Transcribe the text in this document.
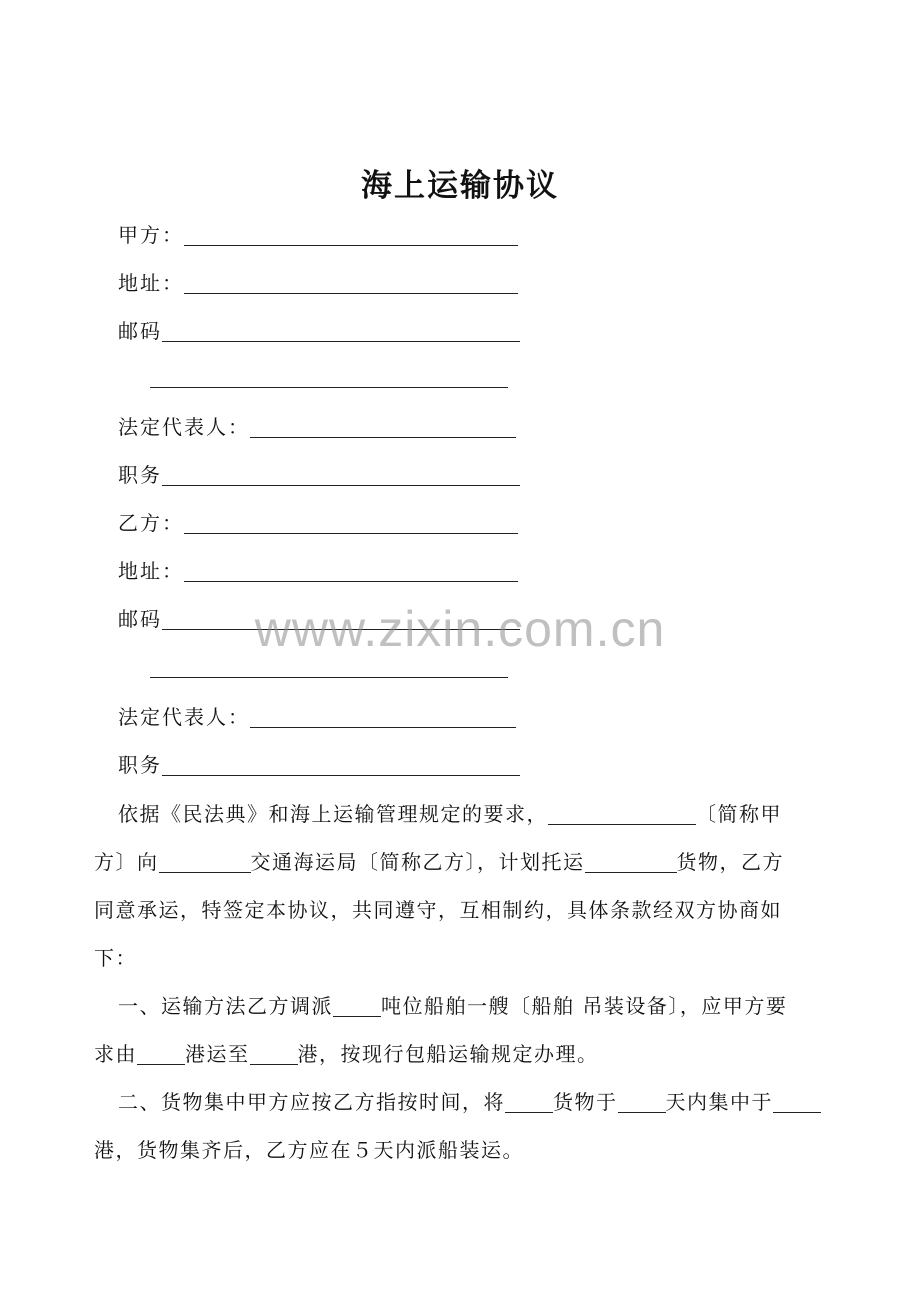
海上运输协议
甲方：
地址：
邮码
法定代表人：
职务
乙方：
地址：
邮码
法定代表人：
职务
依据《民法典》和海上运输管理规定的要求，	〔简称甲
方〕向	交通海运局〔简称乙方〕，计划托运	货物，乙方
同意承运，特签定本协议，共同遵守，互相制约，具体条款经双方协商如
下：
一、运输方法乙方调派 吨位船舶一艘〔船舶 吊装设备〕，应甲方要
求由 港运至 港，按现行包船运输规定办理。
二、货物集中甲方应按乙方指按时间，将 货物于 天内集中于
港，货物集齐后，乙方应在５天内派船装运。
www.zixin.com.cn
